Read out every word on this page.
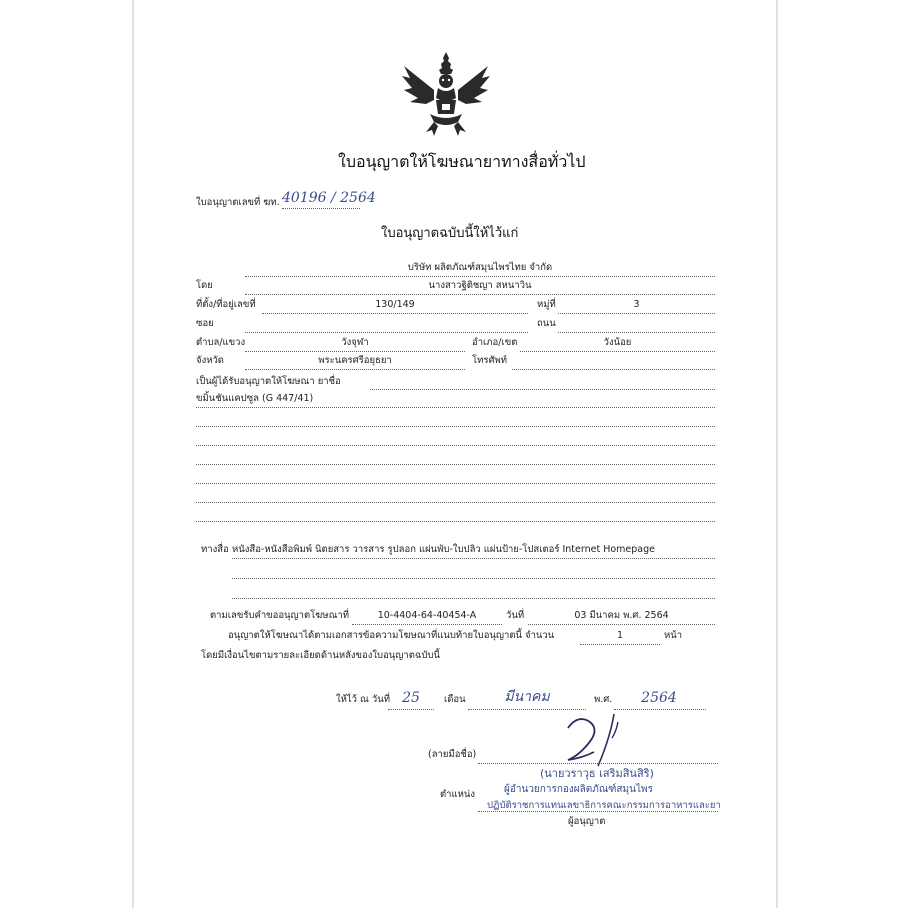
ใบอนุญาตให้โฆษณายาทางสื่อทั่วไป
ใบอนุญาตเลขที่ ฆท. 40196 / 2564
ใบอนุญาตฉบับนี้ให้ไว้แก่
บริษัท ผลิตภัณฑ์สมุนไพรไทย จำกัด
โดย	นางสาวฐิติชญา สหนาวิน
ที่ตั้ง/ที่อยู่เลขที่	130/149	หมู่ที่	3
ซอย	ถนน
ตำบล/แขวง	วังจุฬา	อำเภอ/เขต	วังน้อย
จังหวัด	พระนครศรีอยุธยา	โทรศัพท์
เป็นผู้ได้รับอนุญาตให้โฆษณา ยาชื่อ
ขมิ้นชันแคปซูล (G 447/41)
ทางสื่อ หนังสือ-หนังสือพิมพ์ นิตยสาร วารสาร รูปลอก แผ่นพับ-ใบปลิว แผ่นป้าย-โปสเตอร์ Internet Homepage
ตามเลขรับคำขออนุญาตโฆษณาที่	10-4404-64-40454-A	วันที่	03 มีนาคม พ.ศ. 2564
อนุญาตให้โฆษณาได้ตามเอกสารข้อความโฆษณาที่แนบท้ายใบอนุญาตนี้ จำนวน	1	หน้า
โดยมีเงื่อนไขตามรายละเอียดด้านหลังของใบอนุญาตฉบับนี้
ให้ไว้ ณ วันที่ 25	เดือน	มีนาคม	พ.ศ.	2564
(ลายมือชื่อ)
(นายวราวุธ เสริมสินสิริ)
ผู้อำนวยการกองผลิตภัณฑ์สมุนไพร
ตำแหน่ง
ปฏิบัติราชการแทนเลขาธิการคณะกรรมการอาหารและยา
ผู้อนุญาต
